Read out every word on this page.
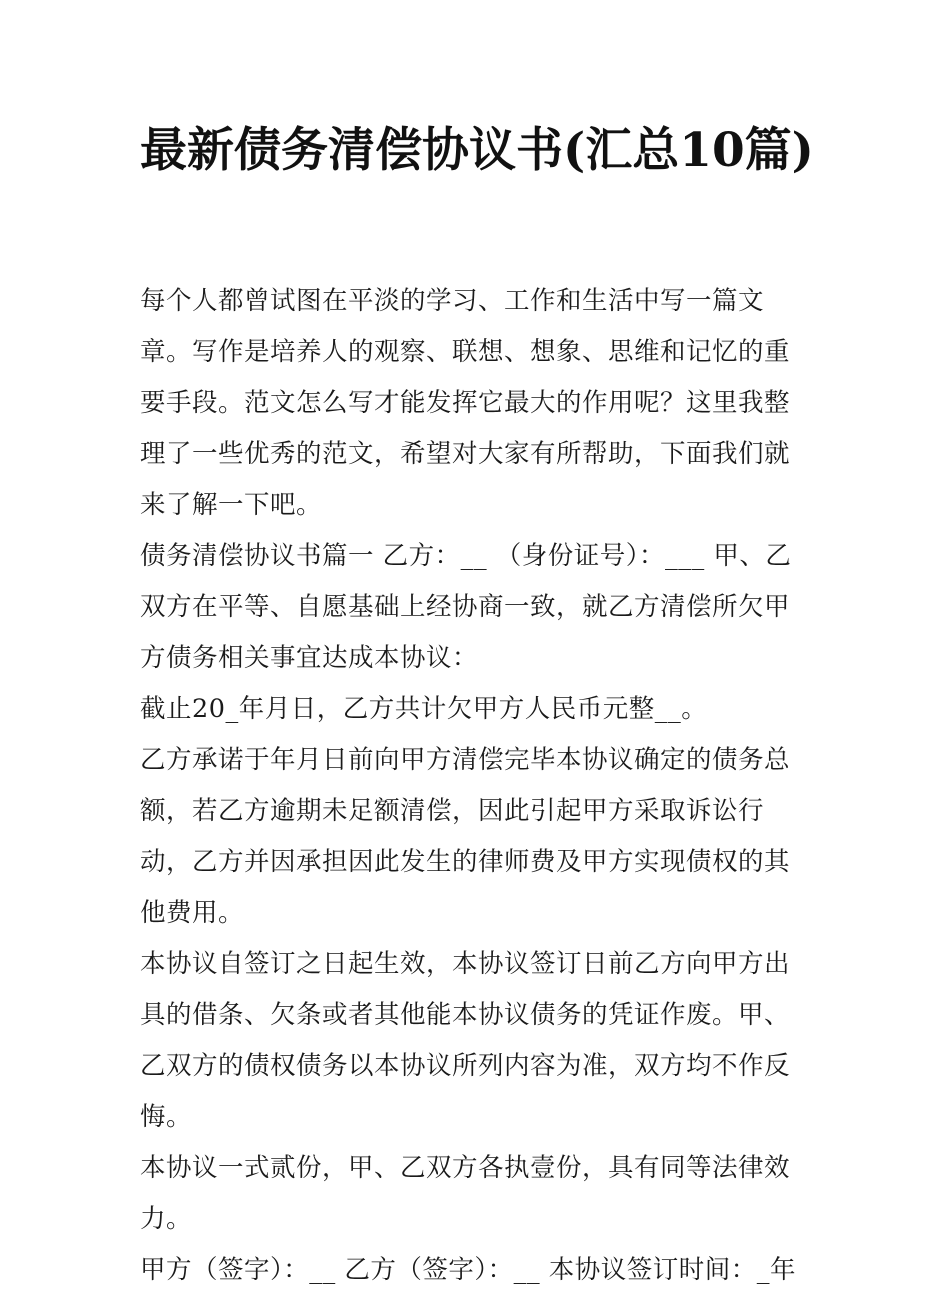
最新债务清偿协议书(汇总10篇)

每个人都曾试图在平淡的学习、工作和生活中写一篇文章。写作是培养人的观察、联想、想象、思维和记忆的重要手段。范文怎么写才能发挥它最大的作用呢？这里我整理了一些优秀的范文，希望对大家有所帮助，下面我们就来了解一下吧。

债务清偿协议书篇一 乙方：__ （身份证号）：___ 甲、乙双方在平等、自愿基础上经协商一致，就乙方清偿所欠甲方债务相关事宜达成本协议：

截止20_年月日，乙方共计欠甲方人民币元整__。

乙方承诺于年月日前向甲方清偿完毕本协议确定的债务总额，若乙方逾期未足额清偿，因此引起甲方采取诉讼行动，乙方并因承担因此发生的律师费及甲方实现债权的其他费用。

本协议自签订之日起生效，本协议签订日前乙方向甲方出具的借条、欠条或者其他能本协议债务的凭证作废。甲、乙双方的债权债务以本协议所列内容为准，双方均不作反悔。

本协议一式贰份，甲、乙双方各执壹份，具有同等法律效力。

甲方（签字）：__ 乙方（签字）：__ 本协议签订时间：_年
